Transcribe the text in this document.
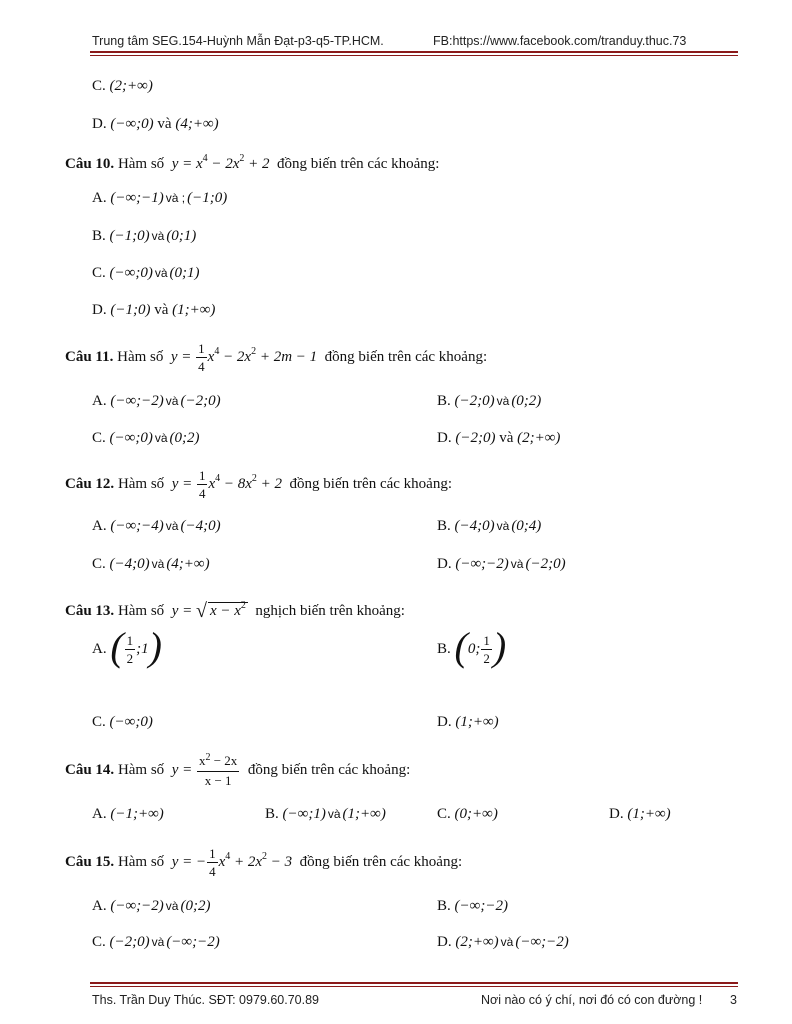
Trung tâm SEG.154-Huỳnh Mẫn Đạt-p3-q5-TP.HCM.	FB:https://www.facebook.com/tranduy.thuc.73
C. (2;+∞)
D. (−∞;0) và (4;+∞)
Câu 10. Hàm số  $y = x^4 - 2x^2 + 2$  đồng biến trên các khoảng:
A. (−∞;−1) và ; (−1;0)
B. (−1;0) và (0;1)
C. (−∞;0) và (0;1)
D. (−1;0) và (1;+∞)
Câu 11. Hàm số  $y = \frac{1}{4} x^4 - 2x^2 + 2m - 1$  đồng biến trên các khoảng:
A. (−∞;−2) và (−2;0)	B. (−2;0) và (0;2)
C. (−∞;0) và (0;2)	D. (−2;0) và (2;+∞)
Câu 12. Hàm số  $y = \frac{1}{4} x^4 - 8x^2 + 2$  đồng biến trên các khoảng:
A. (−∞;−4) và (−4;0)	B. (−4;0) và (0;4)
C. (−4;0) và (4;+∞)	D. (−∞;−2) và (−2;0)
Câu 13. Hàm số  y = √ $x - x^2$ nghịch biến trên khoảng:
A. ( $\frac{1}{2}$ ;1)	B. (0; $\frac{1}{2}$ )
C. (−∞;0)	D. (1;+∞)
Câu 14. Hàm số  $y = \frac{x^2 - 2x}{x - 1}$ đồng biến trên các khoảng:
A. (−1;+∞)	B. (−∞;1) và (1;+∞)	C. (0;+∞)	D. (1;+∞)
Câu 15. Hàm số  y = − $\frac{1}{4} x^4 + 2x^2 - 3$  đồng biến trên các khoảng:
A. (−∞;−2) và (0;2)	B. (−∞;−2)
C. (−2;0) và (−∞;−2)	D. (2;+∞) và (−∞;−2)
Ths. Trần Duy Thúc. SĐT: 0979.60.70.89	Nơi nào có ý chí, nơi đó có con đường ! 3
